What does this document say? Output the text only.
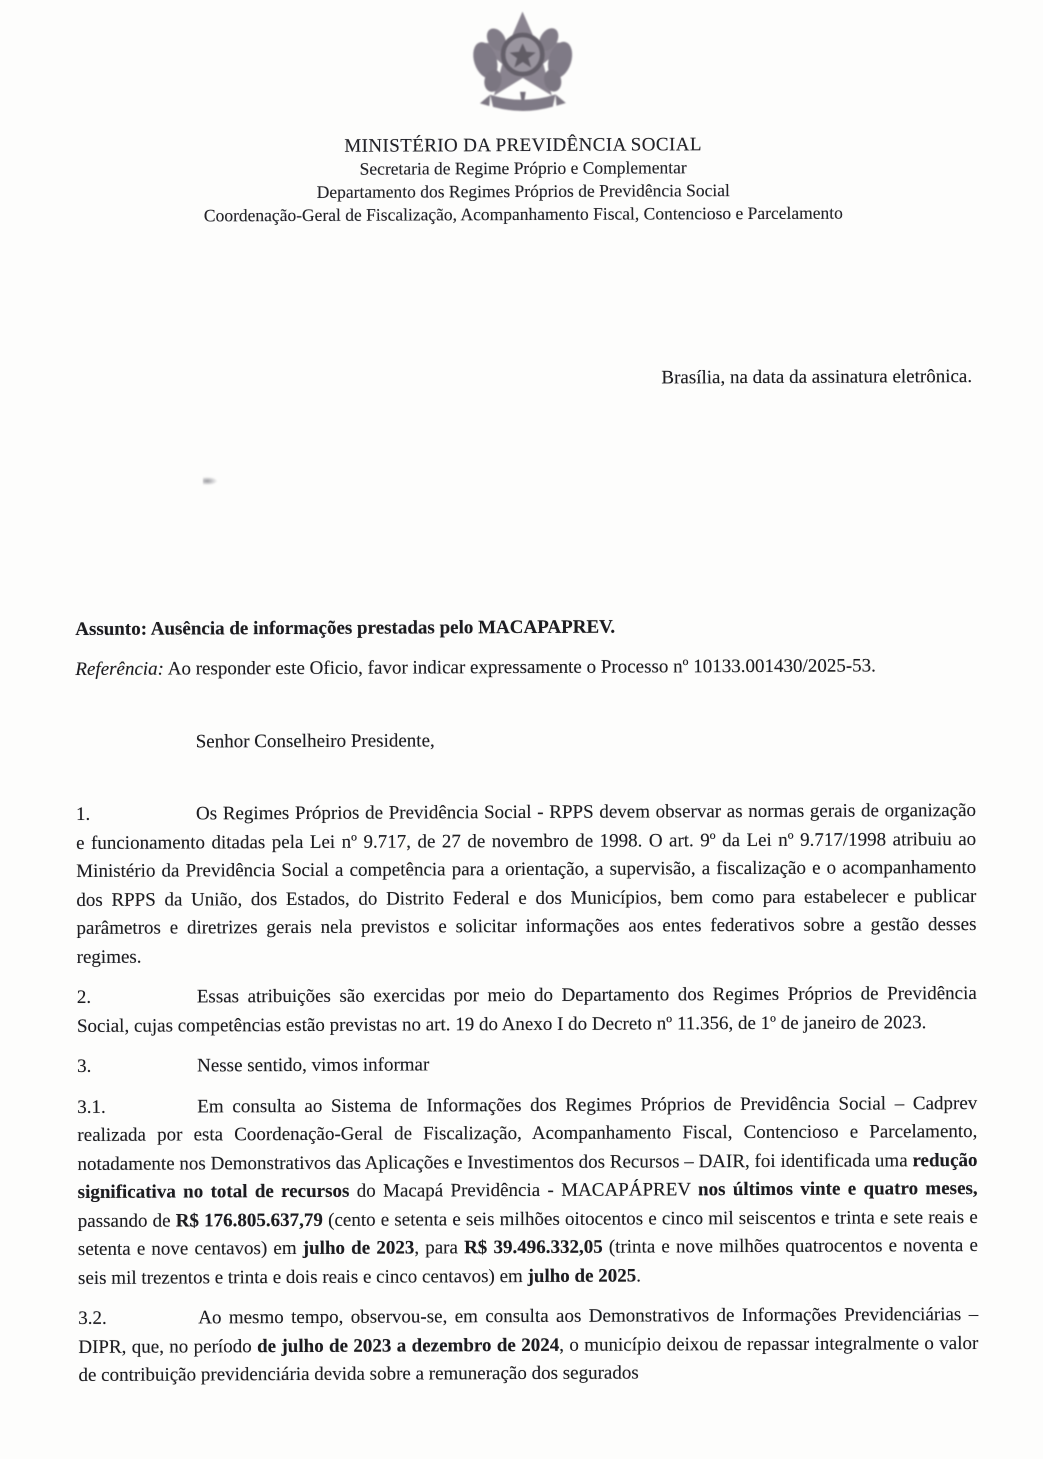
MINISTÉRIO DA PREVIDÊNCIA SOCIAL
Secretaria de Regime Próprio e Complementar
Departamento dos Regimes Próprios de Previdência Social
Coordenação-Geral de Fiscalização, Acompanhamento Fiscal, Contencioso e Parcelamento
Brasília, na data da assinatura eletrônica.
Assunto: Ausência de informações prestadas pelo MACAPAPREV.
Referência: Ao responder este Oficio, favor indicar expressamente o Processo nº 10133.001430/2025-53.
Senhor Conselheiro Presidente,

1.	Os Regimes Próprios de Previdência Social - RPPS devem observar as normas gerais de organização e funcionamento ditadas pela Lei nº 9.717, de 27 de novembro de 1998. O art. 9º da Lei nº 9.717/1998 atribuiu ao Ministério da Previdência Social a competência para a orientação, a supervisão, a fiscalização e o acompanhamento dos RPPS da União, dos Estados, do Distrito Federal e dos Municípios, bem como para estabelecer e publicar parâmetros e diretrizes gerais nela previstos e solicitar informações aos entes federativos sobre a gestão desses regimes.

2.	Essas atribuições são exercidas por meio do Departamento dos Regimes Próprios de Previdência Social, cujas competências estão previstas no art. 19 do Anexo I do Decreto nº 11.356, de 1º de janeiro de 2023.

3.	Nesse sentido, vimos informar

3.1.	Em consulta ao Sistema de Informações dos Regimes Próprios de Previdência Social – Cadprev realizada por esta Coordenação-Geral de Fiscalização, Acompanhamento Fiscal, Contencioso e Parcelamento, notadamente nos Demonstrativos das Aplicações e Investimentos dos Recursos – DAIR, foi identificada uma redução significativa no total de recursos do Macapá Previdência - MACAPÁPREV nos últimos vinte e quatro meses, passando de R$ 176.805.637,79 (cento e setenta e seis milhões oitocentos e cinco mil seiscentos e trinta e sete reais e setenta e nove centavos) em julho de 2023, para R$ 39.496.332,05 (trinta e nove milhões quatrocentos e noventa e seis mil trezentos e trinta e dois reais e cinco centavos) em julho de 2025.

3.2.	Ao mesmo tempo, observou-se, em consulta aos Demonstrativos de Informações Previdenciárias – DIPR, que, no período de julho de 2023 a dezembro de 2024, o município deixou de repassar integralmente o valor de contribuição previdenciária devida sobre a remuneração dos segurados
